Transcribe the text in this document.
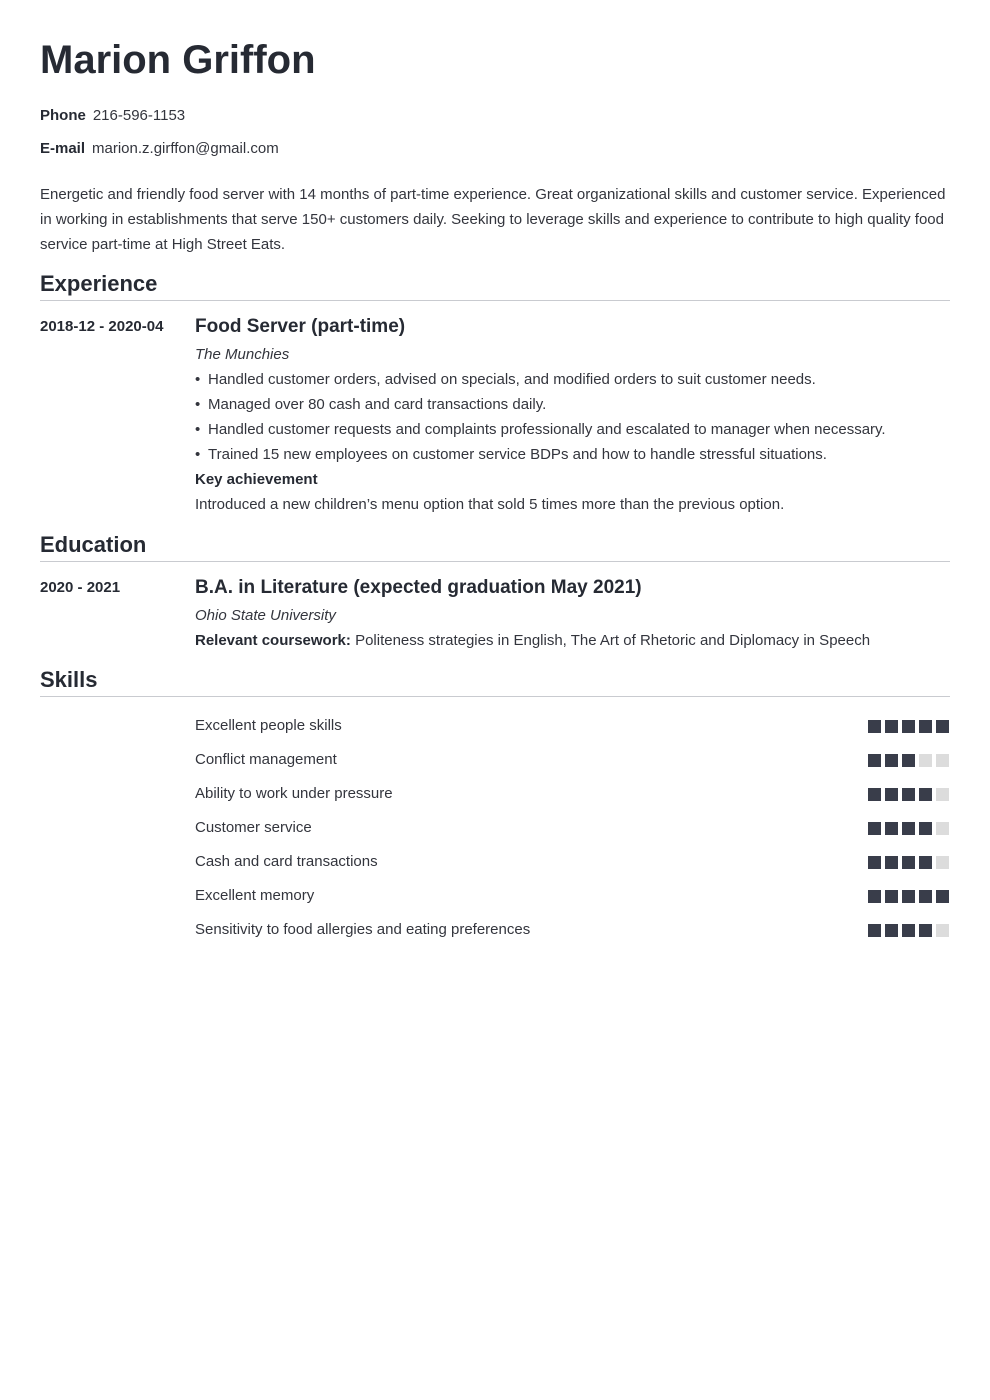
Marion Griffon
Phone 216-596-1153
E-mail marion.z.girffon@gmail.com
Energetic and friendly food server with 14 months of part-time experience. Great organizational skills and customer service. Experienced in working in establishments that serve 150+ customers daily. Seeking to leverage skills and experience to contribute to high quality food service part-time at High Street Eats.
Experience
2018-12 - 2020-04	Food Server (part-time)
The Munchies
• Handled customer orders, advised on specials, and modified orders to suit customer needs.
• Managed over 80 cash and card transactions daily.
• Handled customer requests and complaints professionally and escalated to manager when necessary.
• Trained 15 new employees on customer service BDPs and how to handle stressful situations.
Key achievement
Introduced a new children’s menu option that sold 5 times more than the previous option.
Education
2020 - 2021	B.A. in Literature (expected graduation May 2021)
Ohio State University
Relevant coursework: Politeness strategies in English, The Art of Rhetoric and Diplomacy in Speech
Skills
Excellent people skills
Conflict management
Ability to work under pressure
Customer service
Cash and card transactions
Excellent memory
Sensitivity to food allergies and eating preferences
